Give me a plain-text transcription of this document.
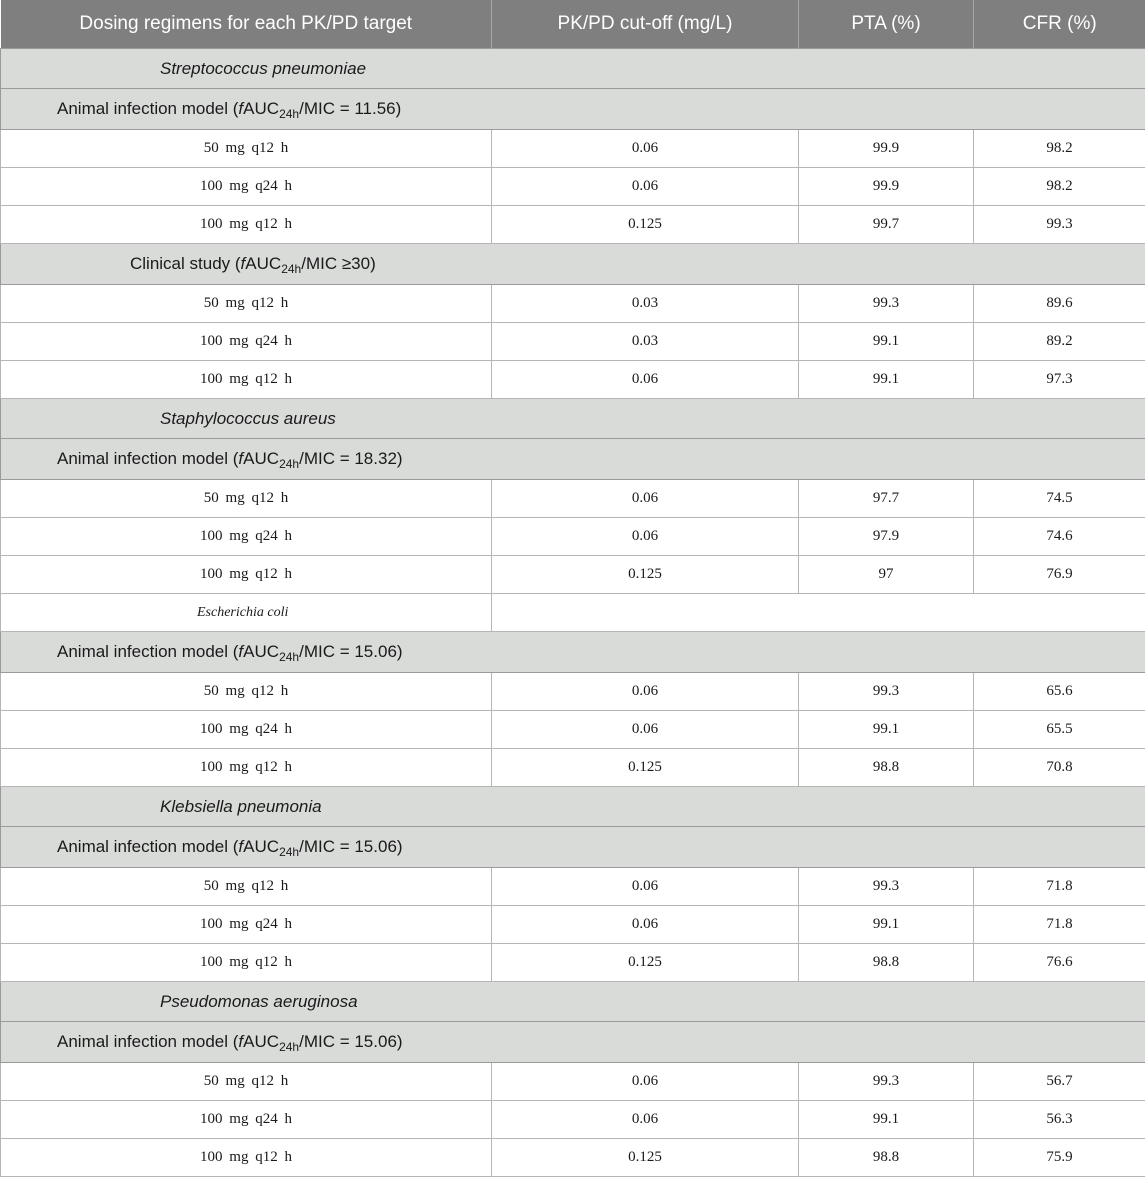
Dosing regimens for each PK/PD target	PK/PD cut-off (mg/L)	PTA (%)	CFR (%)
Streptococcus pneumoniae			
Animal infection model (fAUC$_{24h}$/MIC = 11.56)			
50 mg q12 h	0.06	99.9	98.2
100 mg q24 h	0.06	99.9	98.2
100 mg q12 h	0.125	99.7	99.3
Clinical study (fAUC$_{24h}$/MIC ≥30)			
50 mg q12 h	0.03	99.3	89.6
100 mg q24 h	0.03	99.1	89.2
100 mg q12 h	0.06	99.1	97.3
Staphylococcus aureus			
Animal infection model (fAUC$_{24h}$/MIC = 18.32)			
50 mg q12 h	0.06	97.7	74.5
100 mg q24 h	0.06	97.9	74.6
100 mg q12 h	0.125	97	76.9
Escherichia coli			
Animal infection model (fAUC$_{24h}$/MIC = 15.06)			
50 mg q12 h	0.06	99.3	65.6
100 mg q24 h	0.06	99.1	65.5
100 mg q12 h	0.125	98.8	70.8
Klebsiella pneumonia			
Animal infection model (fAUC$_{24h}$/MIC = 15.06)			
50 mg q12 h	0.06	99.3	71.8
100 mg q24 h	0.06	99.1	71.8
100 mg q12 h	0.125	98.8	76.6
Pseudomonas aeruginosa			
Animal infection model (fAUC$_{24h}$/MIC = 15.06)			
50 mg q12 h	0.06	99.3	56.7
100 mg q24 h	0.06	99.1	56.3
100 mg q12 h	0.125	98.8	75.9
